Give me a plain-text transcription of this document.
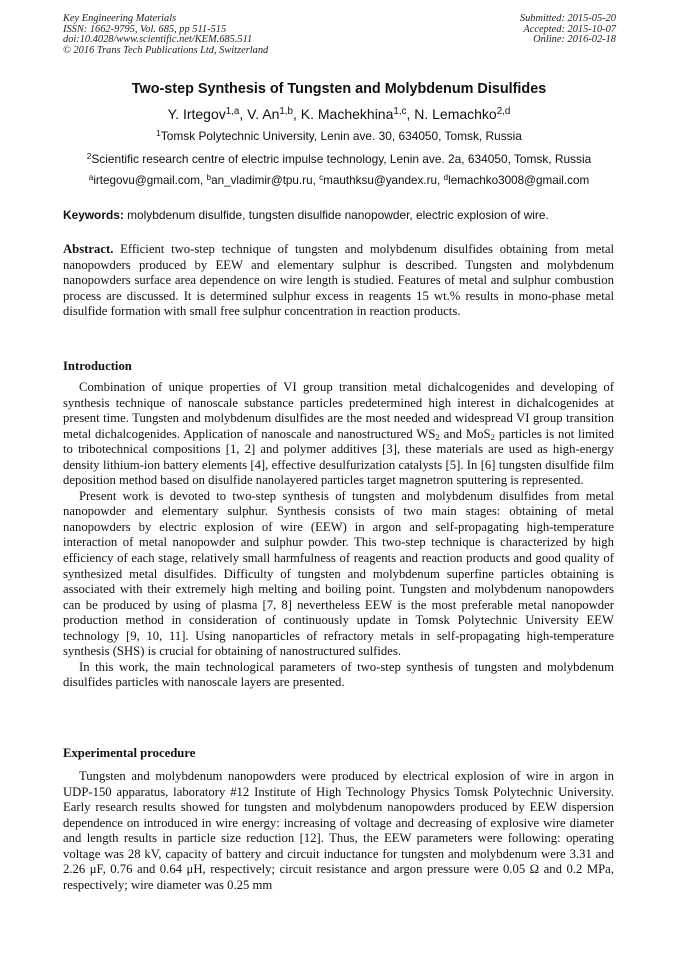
Key Engineering Materials
ISSN: 1662-9795, Vol. 685, pp 511-515
doi:10.4028/www.scientific.net/KEM.685.511
© 2016 Trans Tech Publications Ltd, Switzerland
Submitted: 2015-05-20
Accepted: 2015-10-07
Online: 2016-02-18
Two-step Synthesis of Tungsten and Molybdenum Disulfides
Y. Irtegov$^{1,a}$, V. An$^{1,b}$, K. Machekhina$^{1,c}$, N. Lemachko$^{2,d}$
$^1$Tomsk Polytechnic University, Lenin ave. 30, 634050, Tomsk, Russia
$^2$Scientific research centre of electric impulse technology, Lenin ave. 2a, 634050, Tomsk, Russia
$^a$irtegovu@gmail.com, $^b$an_vladimir@tpu.ru, $^c$mauthksu@yandex.ru, $^d$lemachko3008@gmail.com
Keywords: molybdenum disulfide, tungsten disulfide nanopowder, electric explosion of wire.

Abstract. Efficient two-step technique of tungsten and molybdenum disulfides obtaining from metal nanopowders produced by EEW and elementary sulphur is described. Tungsten and molybdenum nanopowders surface area dependence on wire length is studied. Features of metal and sulphur combustion process are discussed. It is determined sulphur excess in reagents 15 wt.% results in mono-phase metal disulfide formation with small free sulphur concentration in reaction products.

Introduction

Combination of unique properties of VI group transition metal dichalcogenides and developing of synthesis technique of nanoscale substance particles predetermined high interest in dichalcogenides at present time. Tungsten and molybdenum disulfides are the most needed and widespread VI group transition metal dichalcogenides. Application of nanoscale and nanostructured $WS_2$ and MoS$_2$ particles is not limited to tribotechnical compositions [1, 2] and polymer additives [3], these materials are used as high-energy density lithium-ion battery elements [4], effective desulfurization catalysts [5]. In [6] tungsten disulfide film deposition method based on disulfide nanolayered particles target magnetron sputtering is represented.

Present work is devoted to two-step synthesis of tungsten and molybdenum disulfides from metal nanopowder and elementary sulphur. Synthesis consists of two main stages: obtaining of metal nanopowders by electric explosion of wire (EEW) in argon and self-propagating high-temperature interaction of metal nanopowder and sulphur powder. This two-step technique is characterized by high efficiency of each stage, relatively small harmfulness of reagents and reaction products and good quality of synthesized metal disulfides. Difficulty of tungsten and molybdenum superfine particles obtaining is associated with their extremely high melting and boiling point. Tungsten and molybdenum nanopowders can be produced by using of plasma [7, 8] nevertheless EEW is the most preferable metal nanopowder production method in consideration of continuously update in Tomsk Polytechnic University EEW technology [9, 10, 11]. Using nanoparticles of refractory metals in self-propagating high-temperature synthesis (SHS) is crucial for obtaining of nanostructured sulfides.

In this work, the main technological parameters of two-step synthesis of tungsten and molybdenum disulfides particles with nanoscale layers are presented.

Experimental procedure

Tungsten and molybdenum nanopowders were produced by electrical explosion of wire in argon in UDP-150 apparatus, laboratory #12 Institute of High Technology Physics Tomsk Polytechnic University. Early research results showed for tungsten and molybdenum nanopowders produced by EEW dispersion dependence on introduced in wire energy: increasing of voltage and decreasing of explosive wire diameter and length results in particle size reduction [12]. Thus, the EEW parameters were following: operating voltage was 28 kV, capacity of battery and circuit inductance for tungsten and molybdenum were 3.31 and 2.26 μF, 0.76 and 0.64 μH, respectively; circuit resistance and argon pressure were 0.05 Ω and 0.2 MPa, respectively; wire diameter was 0.25 mm
